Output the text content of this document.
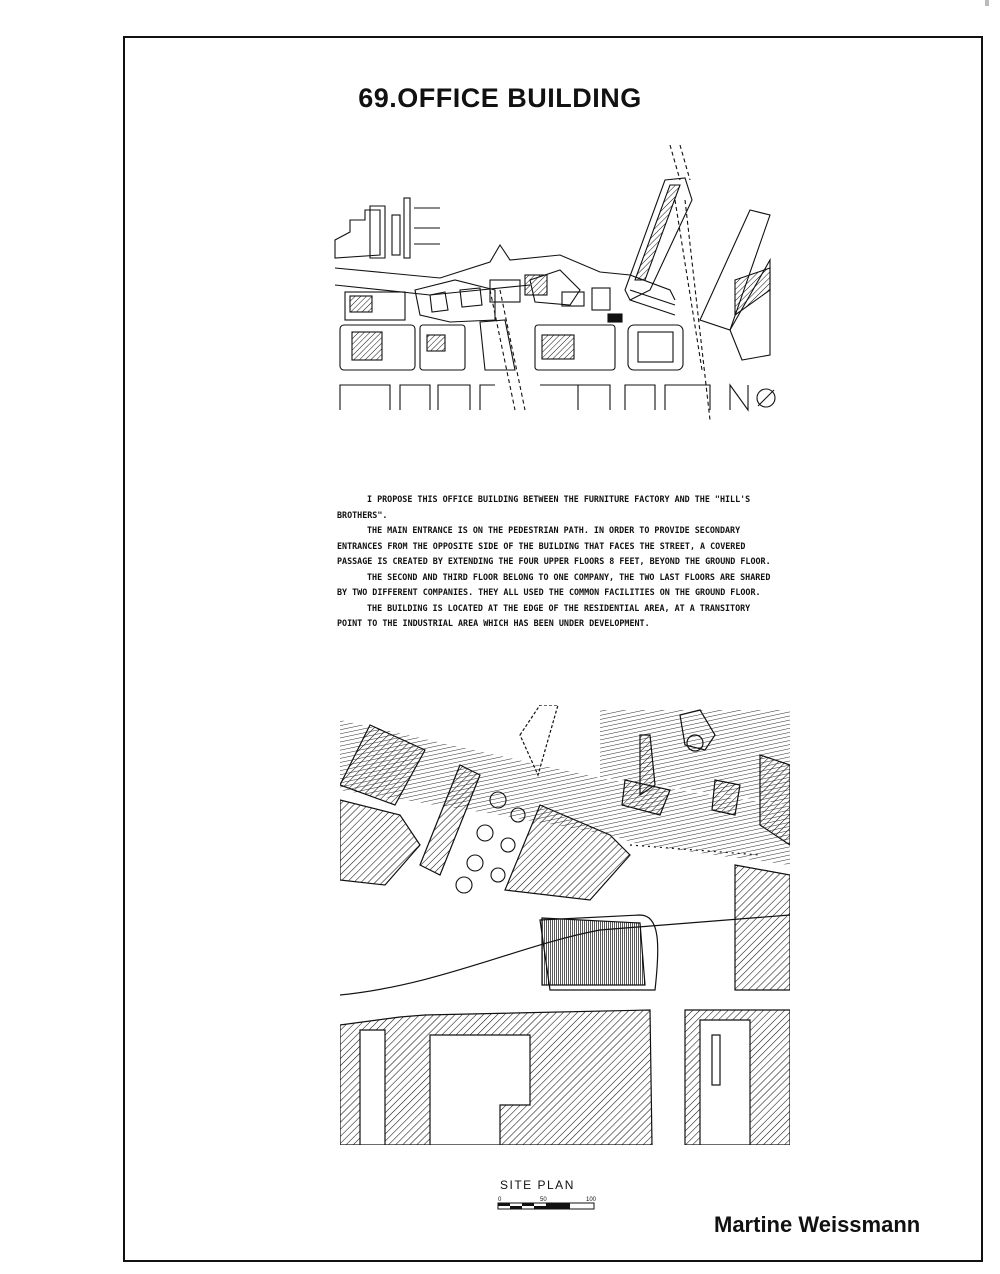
69.OFFICE BUILDING

I PROPOSE THIS OFFICE BUILDING BETWEEN THE FURNITURE FACTORY AND THE "HILL'S BROTHERS".

THE MAIN ENTRANCE IS ON THE PEDESTRIAN PATH. IN ORDER TO PROVIDE SECONDARY ENTRANCES FROM THE OPPOSITE SIDE OF THE BUILDING THAT FACES THE STREET, A COVERED PASSAGE IS CREATED BY EXTENDING THE FOUR UPPER FLOORS 8 FEET, BEYOND THE GROUND FLOOR.

THE SECOND AND THIRD FLOOR BELONG TO ONE COMPANY, THE TWO LAST FLOORS ARE SHARED BY TWO DIFFERENT COMPANIES. THEY ALL USED THE COMMON FACILITIES ON THE GROUND FLOOR.

THE BUILDING IS LOCATED AT THE EDGE OF THE RESIDENTIAL AREA, AT A TRANSITORY POINT TO THE INDUSTRIAL AREA WHICH HAS BEEN UNDER DEVELOPMENT.

SITE PLAN
0	50	100
Martine Weissmann
